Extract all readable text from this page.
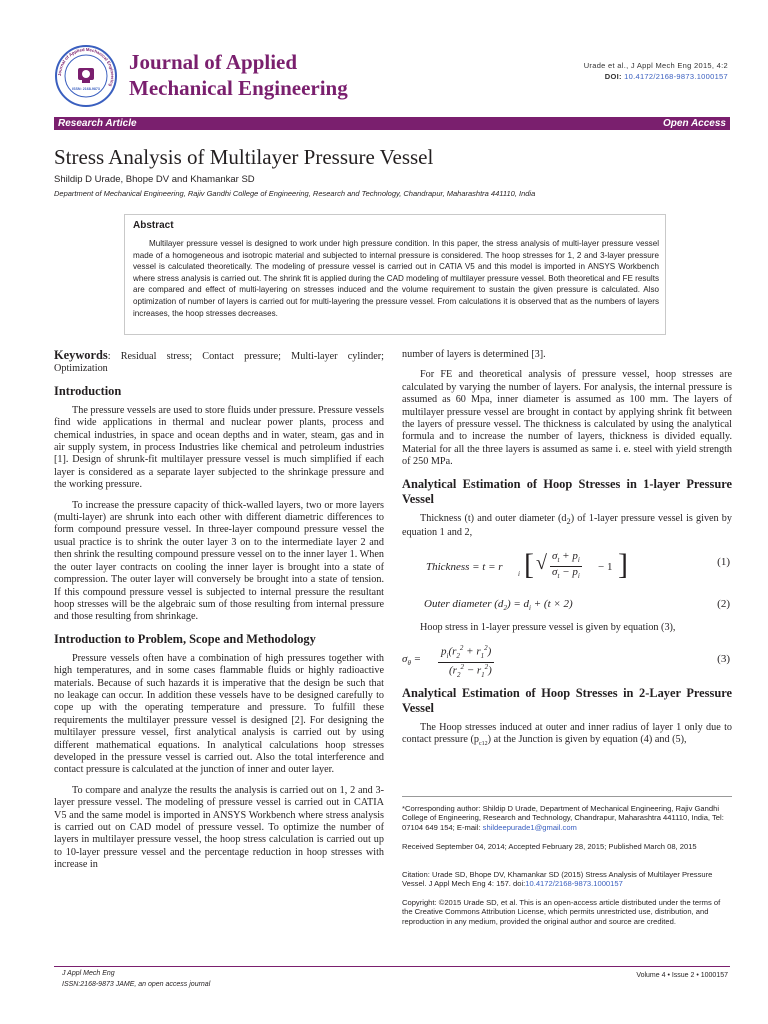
Journal of Applied Mechanical Engineering
ISSN: 2168-9873
Journal of Applied Mechanical Engineering
Urade et al., J Appl Mech Eng 2015, 4:2
DOI: 10.4172/2168-9873.1000157
Research Article	Open Access
Stress Analysis of Multilayer Pressure Vessel
Shildip D Urade, Bhope DV and Khamankar SD
Department of Mechanical Engineering, Rajiv Gandhi College of Engineering, Research and Technology, Chandrapur, Maharashtra 441110, India
Abstract
Multilayer pressure vessel is designed to work under high pressure condition. In this paper, the stress analysis of multi-layer pressure vessel made of a homogeneous and isotropic material and subjected to internal pressure is considered. The hoop stresses for 1, 2 and 3-layer pressure vessel is calculated theoretically. The modeling of pressure vessel is carried out in CATIA V5 and this model is imported in ANSYS Workbench where stress analysis is carried out. The shrink fit is applied during the CAD modeling of multilayer pressure vessel. Both theoretical and FE results are compared and effect of multi-layering on stresses induced and the volume requirement to sustain the given pressure is calculated. Also optimization of number of layers is carried out for multi-layering the pressure vessel. From calculations it is observed that as the numbers of layers increases, the hoop stresses decreases.

Keywords: Residual stress; Contact pressure; Multi-layer cylinder; Optimization

Introduction

The pressure vessels are used to store fluids under pressure. Pressure vessels find wide applications in thermal and nuclear power plants, process and chemical industries, in space and ocean depths and in water, steam, gas and in air supply system, in process Industries like chemical and petroleum industries [1]. Design of shrunk-fit multilayer pressure vessel is much simplified if each layer is considered as a separate layer subjected to the shrinkage pressure and the working pressure.

To increase the pressure capacity of thick-walled layers, two or more layers (multi-layer) are shrunk into each other with different diametric differences to form compound pressure vessel. In three-layer compound pressure vessel the usual practice is to shrink the outer layer 3 on to the intermediate layer 2 and then shrink the resulting compound pressure vessel on to the inner layer 1. When the outer layer contracts on cooling the inner layer is brought into a state of compression. The outer layer will conversely be brought into a state of tension. If this compound pressure vessel is subjected to internal pressure the resultant hoop stresses will be the algebraic sum of those resulting from internal pressure and those resulting from shrinkage.

Introduction to Problem, Scope and Methodology

Pressure vessels often have a combination of high pressures together with high temperatures, and in some cases flammable fluids or highly radioactive materials. Because of such hazards it is imperative that the design be such that no leakage can occur. In addition these vessels have to be designed carefully to cope up with the operating temperature and pressure. To fulfill these requirements the multilayer pressure vessel is designed [2]. For designing the multilayer pressure vessel, first analytical analysis is carried out by using different mathematical equations. In analytical calculations hoop stresses developed in the pressure vessel is carried out. Also the total interference and contact pressure is calculated at the junction of inner and outer layer.

To compare and analyze the results the analysis is carried out on 1, 2 and 3-layer pressure vessel. The modeling of pressure vessel is carried out in CATIA V5 and the same model is imported in ANSYS Workbench where stress analysis is carried out on CAD model of pressure vessel. To optimize the number of layers in multilayer pressure vessel, the hoop stress calculation is carried out up to 10-layer pressure vessel and the percentage reduction in hoop stresses with increase in

number of layers is determined [3].

For FE and theoretical analysis of pressure vessel, hoop stresses are calculated by varying the number of layers. For analysis, the internal pressure is assumed as 60 Mpa, inner diameter is assumed as 100 mm. The layers of multilayer pressure vessel are brought in contact by applying shrink fit between the layers of pressure vessel. The thickness is calculated by using the analytical formula and to increase the number of layers, thickness is divided equally. Material for all the three layers is assumed as same i. e. steel with yield strength of 250 MPa.

Analytical Estimation of Hoop Stresses in 1-layer Pressure Vessel

Thickness (t) and outer diameter $(d_2)$ of 1-layer pressure vessel is given by equation 1 and 2,

Thickness = t = r
i [ √ $\sigma_t + p_i$
$\sigma_t - p_i$
− 1 ]	(1)
Outer diameter $(d_2) = d_i + (t \times 2)$	(2)

Hoop stress in 1-layer pressure vessel is given by equation (3),

$\sigma_\theta$ =
$p_i(r_2^2 + r_1^2)$
$(r_2^2 - r_1^2)$
(3)
Analytical Estimation of Hoop Stresses in 2-Layer Pressure Vessel

The Hoop stresses induced at outer and inner radius of layer 1 only due to contact pressure $(p_{c12})$ at the Junction is given by equation (4) and (5),

*Corresponding author: Shildip D Urade, Department of Mechanical Engineering, Rajiv Gandhi College of Engineering, Research and Technology, Chandrapur, Maharashtra 441110, India, Tel: 07104 649 154; E-mail: shildeepurade1@gmail.com
Received September 04, 2014; Accepted February 28, 2015; Published March 08, 2015
Citation: Urade SD, Bhope DV, Khamankar SD (2015) Stress Analysis of Multilayer Pressure Vessel. J Appl Mech Eng 4: 157. doi:10.4172/2168-9873.1000157
Copyright: ©2015 Urade SD, et al. This is an open-access article distributed under the terms of the Creative Commons Attribution License, which permits unrestricted use, distribution, and reproduction in any medium, provided the original author and source are credited.
J Appl Mech Eng
ISSN:2168-9873 JAME, an open access journal
Volume 4 • Issue 2 • 1000157
